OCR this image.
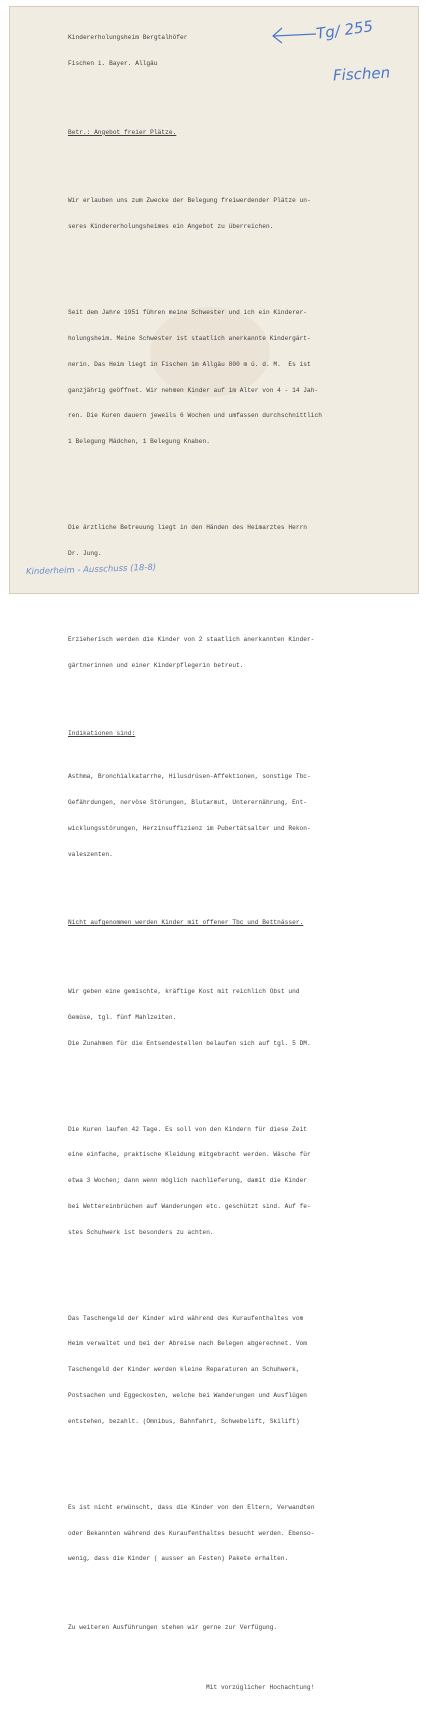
Tg/ 255
Fischen
Kinderheim - Ausschuss (18-8)

Kindererholungsheim Bergtalhöfer

Fischen i. Bayer. Allgäu

Betr.: Angebot freier Plätze.

Wir erlauben uns zum Zwecke der Belegung freiwerdender Plätze un-

seres Kindererholungsheimes ein Angebot zu überreichen.

Seit dem Jahre 1951 führen meine Schwester und ich ein Kinderer-

holungsheim. Meine Schwester ist staatlich anerkannte Kindergärt-

nerin. Das Heim liegt in Fischen im Allgäu 800 m ü. d. M.  Es ist

ganzjährig geöffnet. Wir nehmen Kinder auf im Alter von 4 - 14 Jah-

ren. Die Kuren dauern jeweils 6 Wochen und umfassen durchschnittlich

1 Belegung Mädchen, 1 Belegung Knaben.

Die ärztliche Betreuung liegt in den Händen des Heimarztes Herrn

Dr. Jung.

Erzieherisch werden die Kinder von 2 staatlich anerkannten Kinder-

gärtnerinnen und einer Kinderpflegerin betreut.

Indikationen sind:

Asthma, Bronchialkatarrhe, Hilusdrüsen-Affektionen, sonstige Tbc-

Gefährdungen, nervöse Störungen, Blutarmut, Unterernährung, Ent-

wicklungsstörungen, Herzinsuffizienz im Pubertätsalter und Rekon-

valeszenten.

Nicht aufgenommen werden Kinder mit offener Tbc und Bettnässer.

Wir geben eine gemischte, kräftige Kost mit reichlich Obst und

Gemüse, tgl. fünf Mahlzeiten.

Die Zunahmen für die Entsendestellen belaufen sich auf tgl. 5 DM.

Die Kuren laufen 42 Tage. Es soll von den Kindern für diese Zeit

eine einfache, praktische Kleidung mitgebracht werden. Wäsche für

etwa 3 Wochen; dann wenn möglich nachlieferung, damit die Kinder

bei Wettereinbrüchen auf Wanderungen etc. geschützt sind. Auf fe-

stes Schuhwerk ist besonders zu achten.

Das Taschengeld der Kinder wird während des Kuraufenthaltes vom

Heim verwaltet und bei der Abreise nach Belegen abgerechnet. Vom

Taschengeld der Kinder werden kleine Reparaturen an Schuhwerk,

Postsachen und Eggeckosten, welche bei Wanderungen und Ausflügen

entstehen, bezahlt. (Omnibus, Bahnfahrt, Schwebelift, Skilift)

Es ist nicht erwünscht, dass die Kinder von den Eltern, Verwandten

oder Bekannten während des Kuraufenthaltes besucht werden. Ebenso-

wenig, dass die Kinder ( ausser an Festen) Pakete erhalten.

Zu weiteren Ausführungen stehen wir gerne zur Verfügung.

Mit vorzüglicher Hochachtung!
